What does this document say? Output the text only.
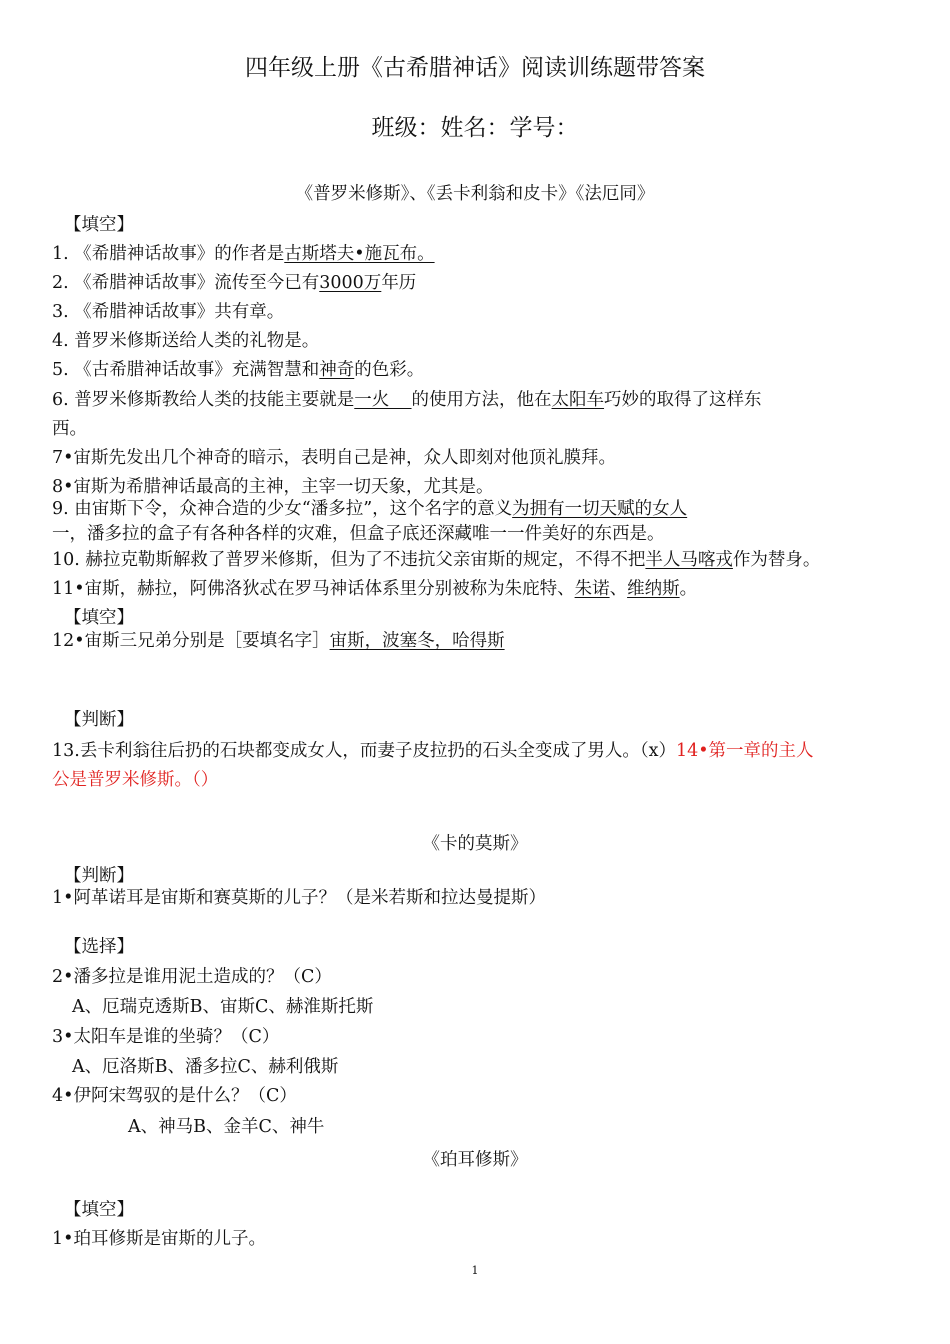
四年级上册《古希腊神话》阅读训练题带答案
班级：姓名：学号：
《普罗米修斯》、《丢卡利翁和皮卡》《法厄同》
【填空】
1. 《希腊神话故事》的作者是古斯塔夫•施瓦布。
2. 《希腊神话故事》流传至今已有3000万年历
3. 《希腊神话故事》共有章。
4. 普罗米修斯送给人类的礼物是。
5. 《古希腊神话故事》充满智慧和神奇的色彩。
6. 普罗米修斯教给人类的技能主要就是一火    的使用方法，他在太阳车巧妙的取得了这样东
西。
7•宙斯先发出几个神奇的暗示，表明自己是神，众人即刻对他顶礼膜拜。
8•宙斯为希腊神话最高的主神，主宰一切天象，尤其是。
9. 由宙斯下令，众神合造的少女“潘多拉”，这个名字的意义为拥有一切天赋的女人
一，潘多拉的盒子有各种各样的灾难，但盒子底还深藏唯一一件美好的东西是。
10. 赫拉克勒斯解救了普罗米修斯，但为了不违抗父亲宙斯的规定，不得不把半人马喀戎作为替身。
11•宙斯，赫拉，阿佛洛狄忒在罗马神话体系里分别被称为朱庇特、朱诺、维纳斯。
【填空】
12•宙斯三兄弟分别是［要填名字］宙斯，波塞冬，哈得斯
【判断】
13.丢卡利翁往后扔的石块都变成女人，而妻子皮拉扔的石头全变成了男人。（x）14•第一章的主人
公是普罗米修斯。（）
《卡的莫斯》
【判断】
1•阿革诺耳是宙斯和赛莫斯的儿子？（是米若斯和拉达曼提斯）
【选择】
2•潘多拉是谁用泥土造成的？（C）
A、厄瑞克透斯B、宙斯C、赫淮斯托斯
3•太阳车是谁的坐骑？（C）
A、厄洛斯B、潘多拉C、赫利俄斯
4•伊阿宋驾驭的是什么？（C）
A、神马B、金羊C、神牛
《珀耳修斯》
【填空】
1•珀耳修斯是宙斯的儿子。
1
